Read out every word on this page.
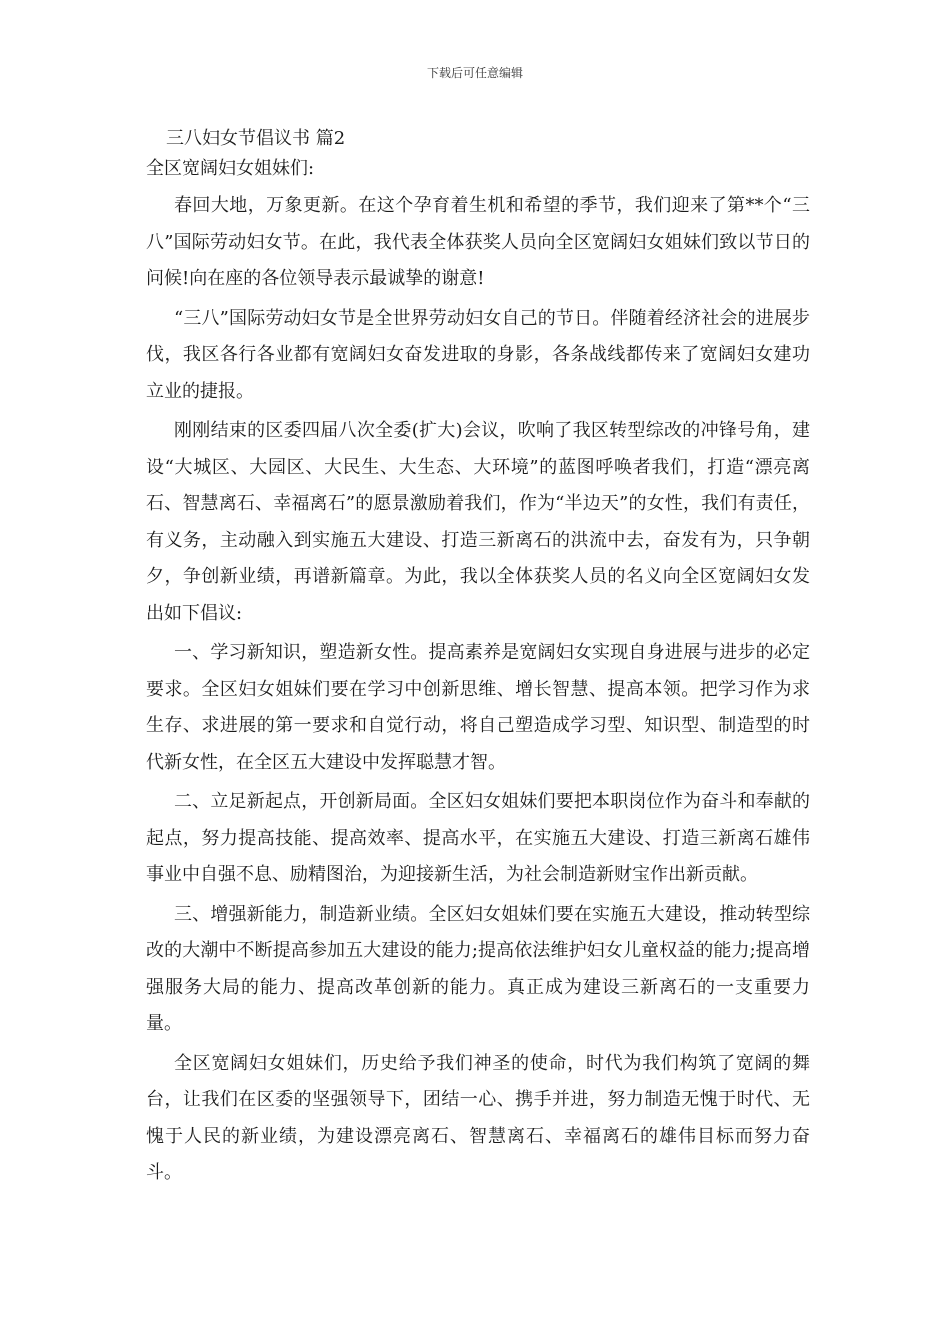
下载后可任意编辑
三八妇女节倡议书 篇2

全区宽阔妇女姐妹们:

春回大地，万象更新。在这个孕育着生机和希望的季节，我们迎来了第**个“三八”国际劳动妇女节。在此，我代表全体获奖人员向全区宽阔妇女姐妹们致以节日的问候!向在座的各位领导表示最诚挚的谢意!

“三八”国际劳动妇女节是全世界劳动妇女自己的节日。伴随着经济社会的进展步伐，我区各行各业都有宽阔妇女奋发进取的身影，各条战线都传来了宽阔妇女建功立业的捷报。

刚刚结束的区委四届八次全委(扩大)会议，吹响了我区转型综改的冲锋号角，建设“大城区、大园区、大民生、大生态、大环境”的蓝图呼唤者我们，打造“漂亮离石、智慧离石、幸福离石”的愿景激励着我们，作为“半边天”的女性，我们有责任，有义务，主动融入到实施五大建设、打造三新离石的洪流中去，奋发有为，只争朝夕，争创新业绩，再谱新篇章。为此，我以全体获奖人员的名义向全区宽阔妇女发出如下倡议:

一、学习新知识，塑造新女性。提高素养是宽阔妇女实现自身进展与进步的必定要求。全区妇女姐妹们要在学习中创新思维、增长智慧、提高本领。把学习作为求生存、求进展的第一要求和自觉行动，将自己塑造成学习型、知识型、制造型的时代新女性，在全区五大建设中发挥聪慧才智。

二、立足新起点，开创新局面。全区妇女姐妹们要把本职岗位作为奋斗和奉献的起点，努力提高技能、提高效率、提高水平，在实施五大建设、打造三新离石雄伟事业中自强不息、励精图治，为迎接新生活，为社会制造新财宝作出新贡献。

三、增强新能力，制造新业绩。全区妇女姐妹们要在实施五大建设，推动转型综改的大潮中不断提高参加五大建设的能力;提高依法维护妇女儿童权益的能力;提高增强服务大局的能力、提高改革创新的能力。真正成为建设三新离石的一支重要力量。

全区宽阔妇女姐妹们，历史给予我们神圣的使命，时代为我们构筑了宽阔的舞台，让我们在区委的坚强领导下，团结一心、携手并进，努力制造无愧于时代、无愧于人民的新业绩，为建设漂亮离石、智慧离石、幸福离石的雄伟目标而努力奋斗。
